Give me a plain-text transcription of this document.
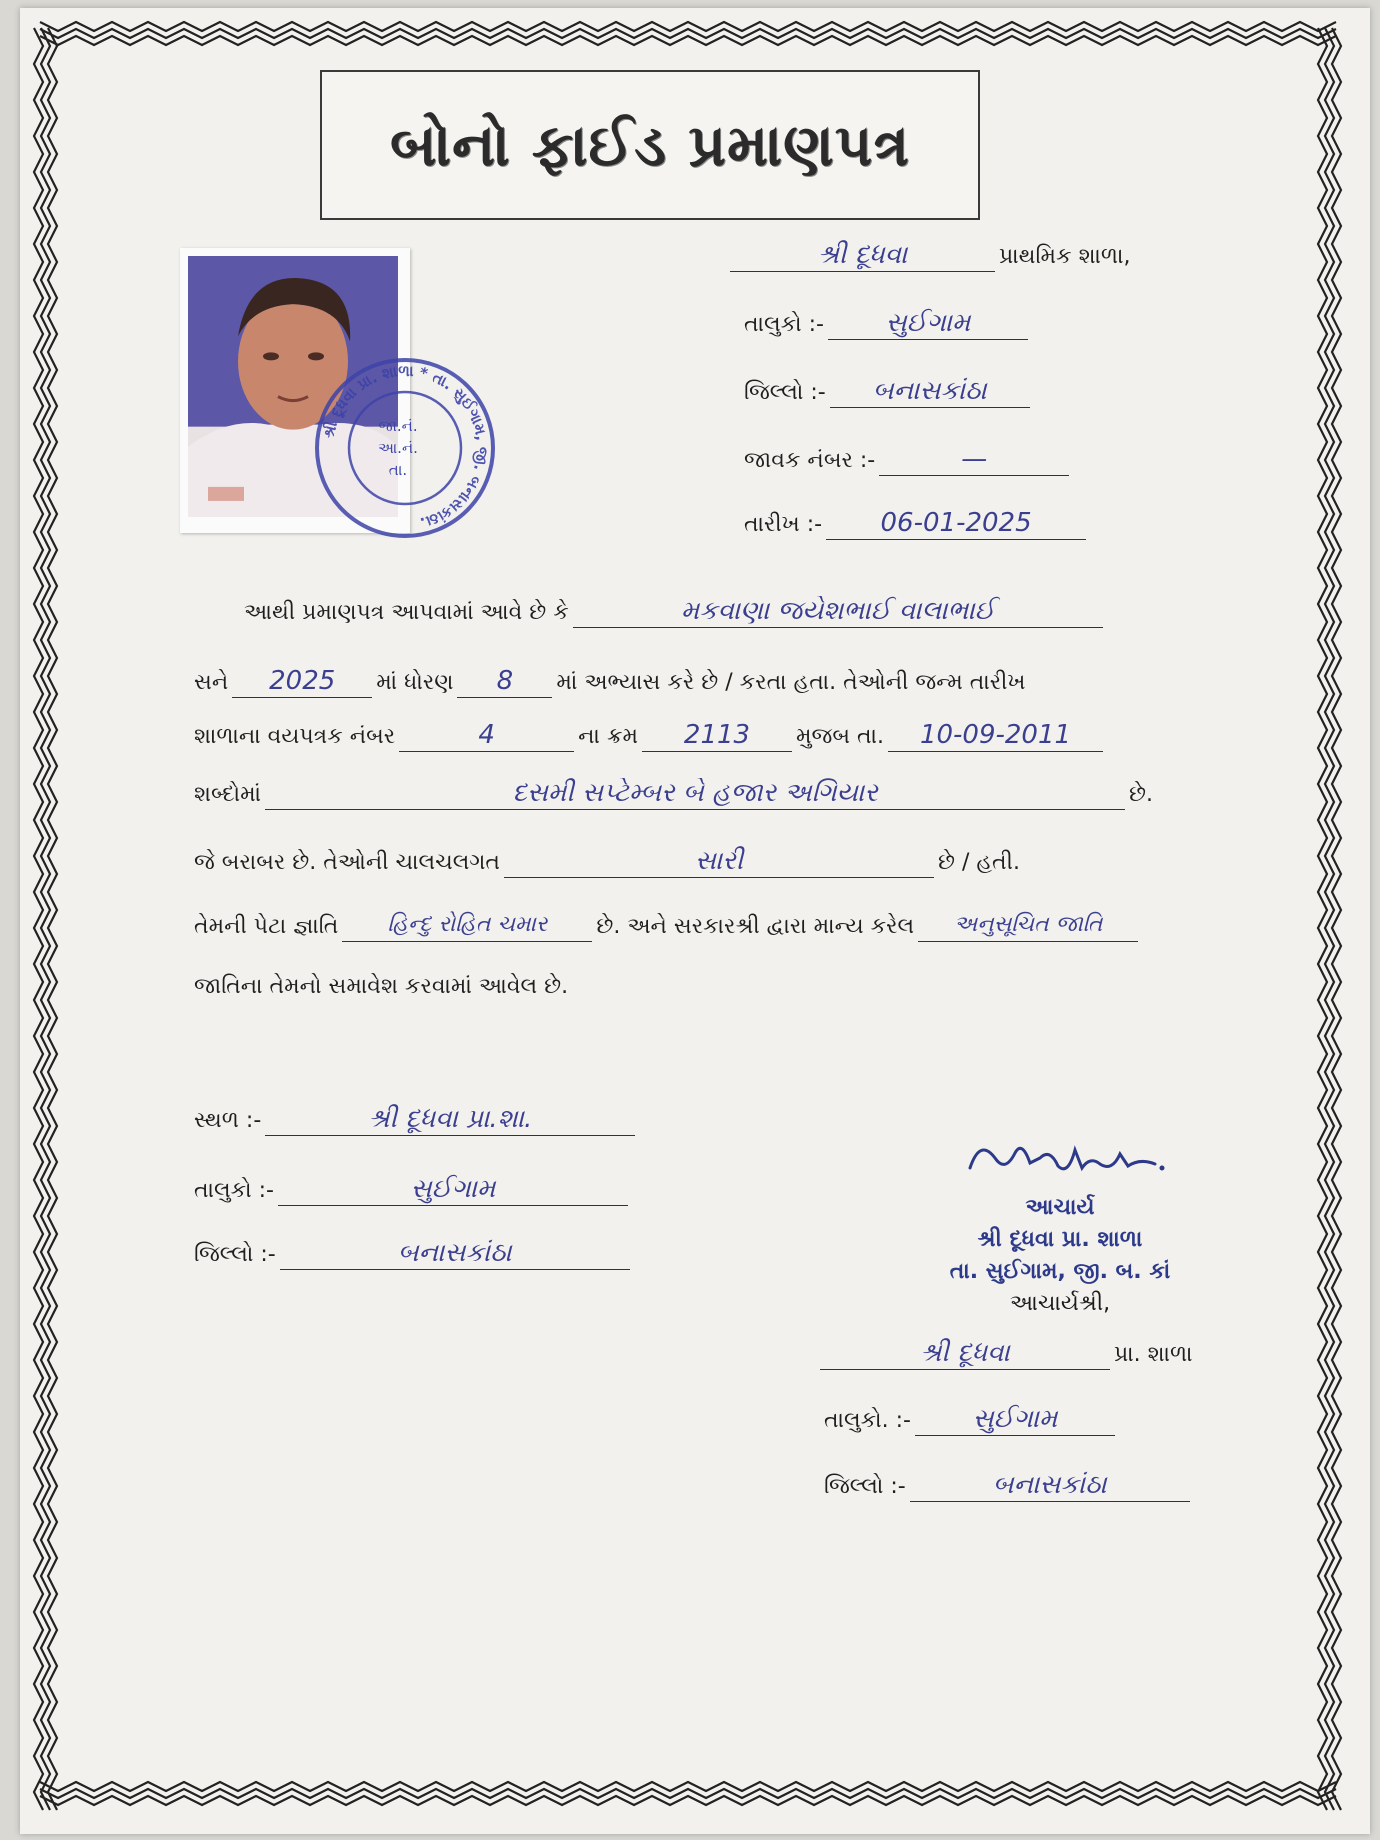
બોનો ફાઈડ પ્રમાણપત્ર
શ્રી દૂધવા પ્રા. શાળા * તા. સુઈગામ, જી. બનાસકાંઠા.
જા.નં.
આ.નં.
તા.
શ્રી દૂધવા	પ્રાથમિક શાળા,
તાલુકો :-	સુઈગામ
જિલ્લો :-	બનાસકાંઠા
જાવક નંબર :-	—
તારીખ :-	06-01-2025
આથી પ્રમાણપત્ર આપવામાં આવે છે કે	મકવાણા જયેશભાઈ વાલાભાઈ
સને	2025	માં ધોરણ	8	માં અભ્યાસ કરે છે / કરતા હતા. તેઓની જન્મ તારીખ
શાળાના વયપત્રક નંબર	4	ના ક્રમ	2113	મુજબ તા.	10-09-2011
શબ્દોમાં	દસમી સપ્ટેમ્બર બે હજાર અગિયાર	છે.
જે બરાબર છે. તેઓની ચાલચલગત	સારી	છે / હતી.
તેમની પેટા જ્ઞાતિ	હિન્દુ રોહિત ચમાર	છે. અને સરકારશ્રી દ્વારા માન્ય કરેલ	અનુસૂચિત જાતિ
જાતિના તેમનો સમાવેશ કરવામાં આવેલ છે.
સ્થળ :-	શ્રી દૂધવા પ્રા.શા.
તાલુકો :-	સુઈગામ
જિલ્લો :-	બનાસકાંઠા
આચાર્ય
શ્રી દૂધવા પ્રા. શાળા
તા. સુઈગામ, જી. બ. કાં
આચાર્યશ્રી,
શ્રી દૂધવા	પ્રા. શાળા
તાલુકો. :-	સુઈગામ
જિલ્લો :-	બનાસકાંઠા
